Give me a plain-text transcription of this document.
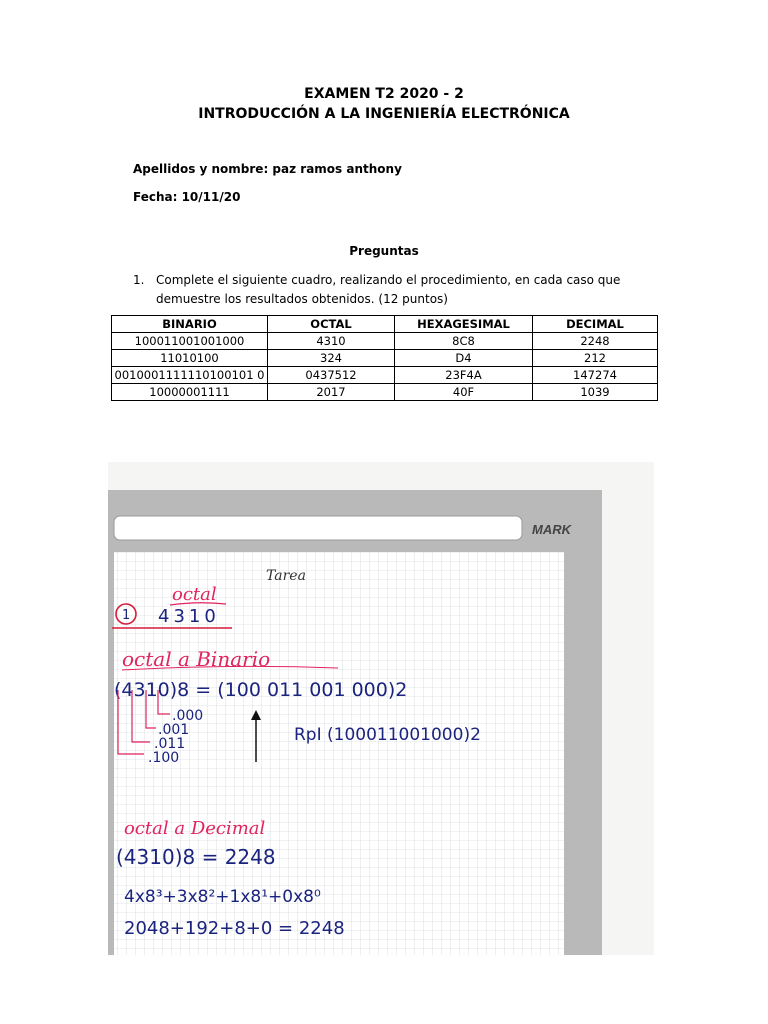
EXAMEN T2 2020 - 2
INTRODUCCIÓN A LA INGENIERÍA ELECTRÓNICA
Apellidos y nombre: paz ramos anthony
Fecha: 10/11/20
Preguntas
1. Complete el siguiente cuadro, realizando el procedimiento, en cada caso que demuestre los resultados obtenidos. (12 puntos)
BINARIO	OCTAL	HEXAGESIMAL	DECIMAL
100011001001000	4310	8C8	2248
11010100	324	D4	212
0010001111110100101 0	0437512	23F4A	147274
10000001111	2017	40F	1039
MARK
Tarea
octal
1 4310
octal a Binario
(4310)8 = (100 011 001 000)2
.000
.001
.011
.100
RpI (100011001000)2
octal a Decimal
(4310)8 = 2248
4x8³+3x8²+1x8¹+0x8⁰
2048+192+8+0 = 2248
